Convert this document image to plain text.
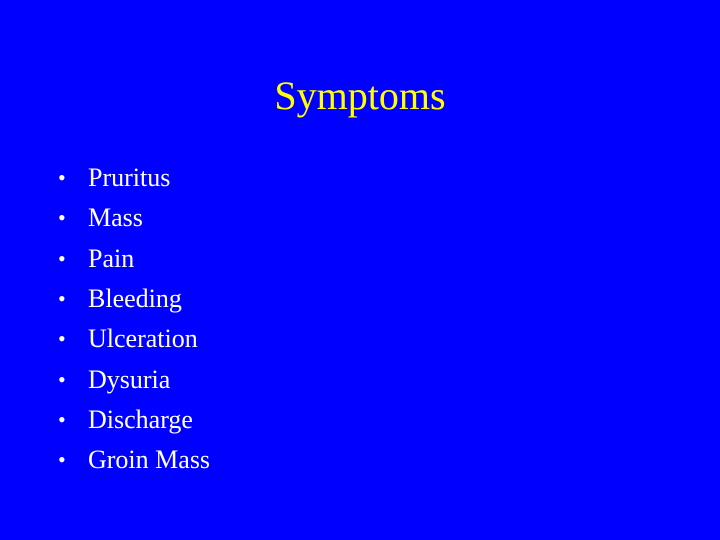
Symptoms
• Pruritus
• Mass
• Pain
• Bleeding
• Ulceration
• Dysuria
• Discharge
• Groin Mass
